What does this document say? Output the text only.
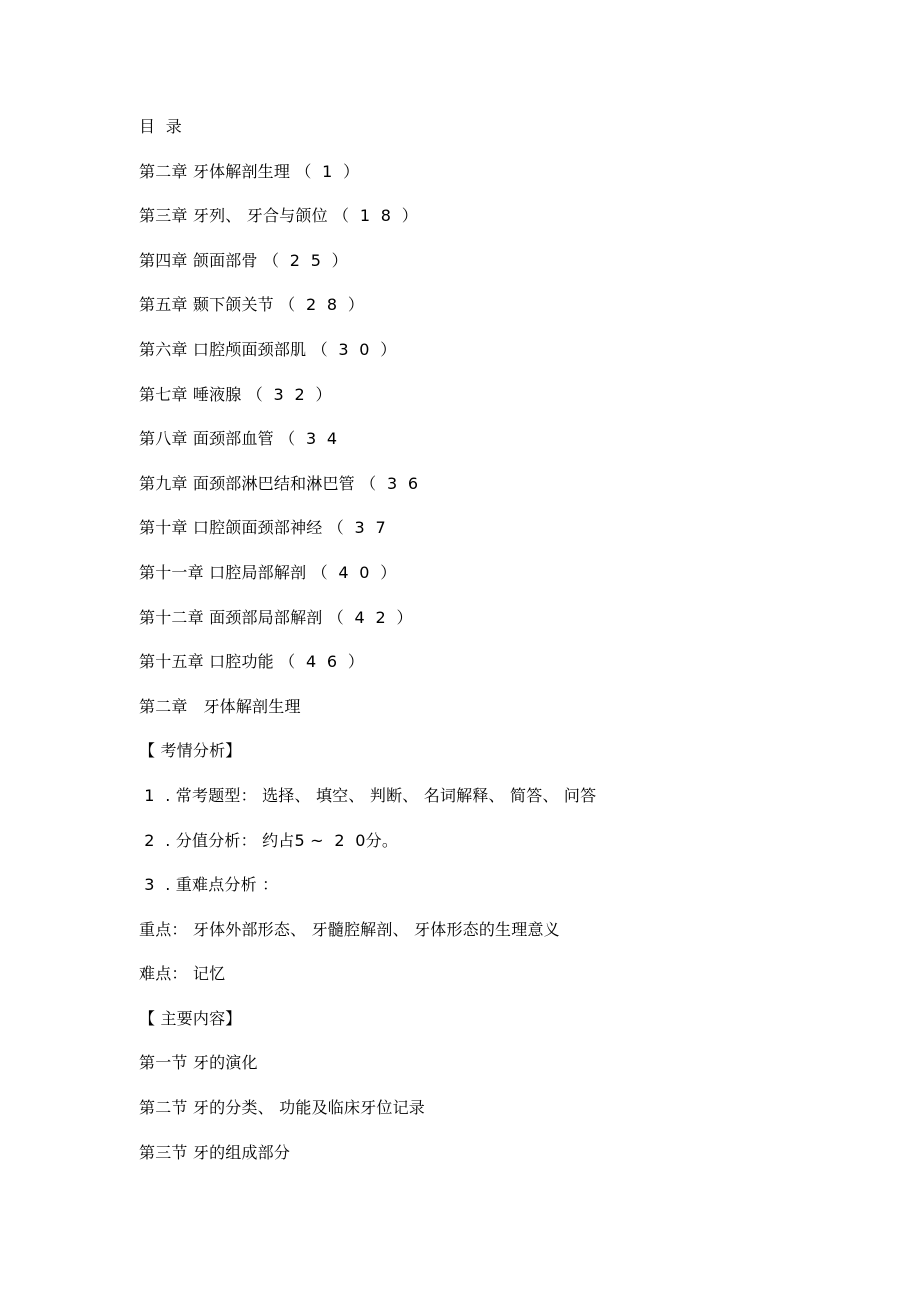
目  录
第二章 牙体解剖生理 （  1  ）
第三章 牙列、 牙合与颌位 （  1  8  ）
第四章 颌面部骨 （  2  5  ）
第五章 颞下颌关节 （  2  8  ）
第六章 口腔颅面颈部肌 （  3  0  ）
第七章 唾液腺 （  3  2  ）
第八章 面颈部血管 （  3  4
第九章 面颈部淋巴结和淋巴管 （  3  6
第十章 口腔颌面颈部神经 （  3  7
第十一章 口腔局部解剖 （  4  0  ）
第十二章 面颈部局部解剖 （  4  2  ）
第十五章 口腔功能 （  4  6  ）
第二章   牙体解剖生理
【 考情分析】
1  . 常考题型： 选择、 填空、 判断、 名词解释、 简答、 问答
2  . 分值分析： 约占5 ~  2  0分。
3  . 重难点分析 ：
重点： 牙体外部形态、 牙髓腔解剖、 牙体形态的生理意义
难点： 记忆
【 主要内容】
第一节 牙的演化
第二节 牙的分类、 功能及临床牙位记录
第三节 牙的组成部分
